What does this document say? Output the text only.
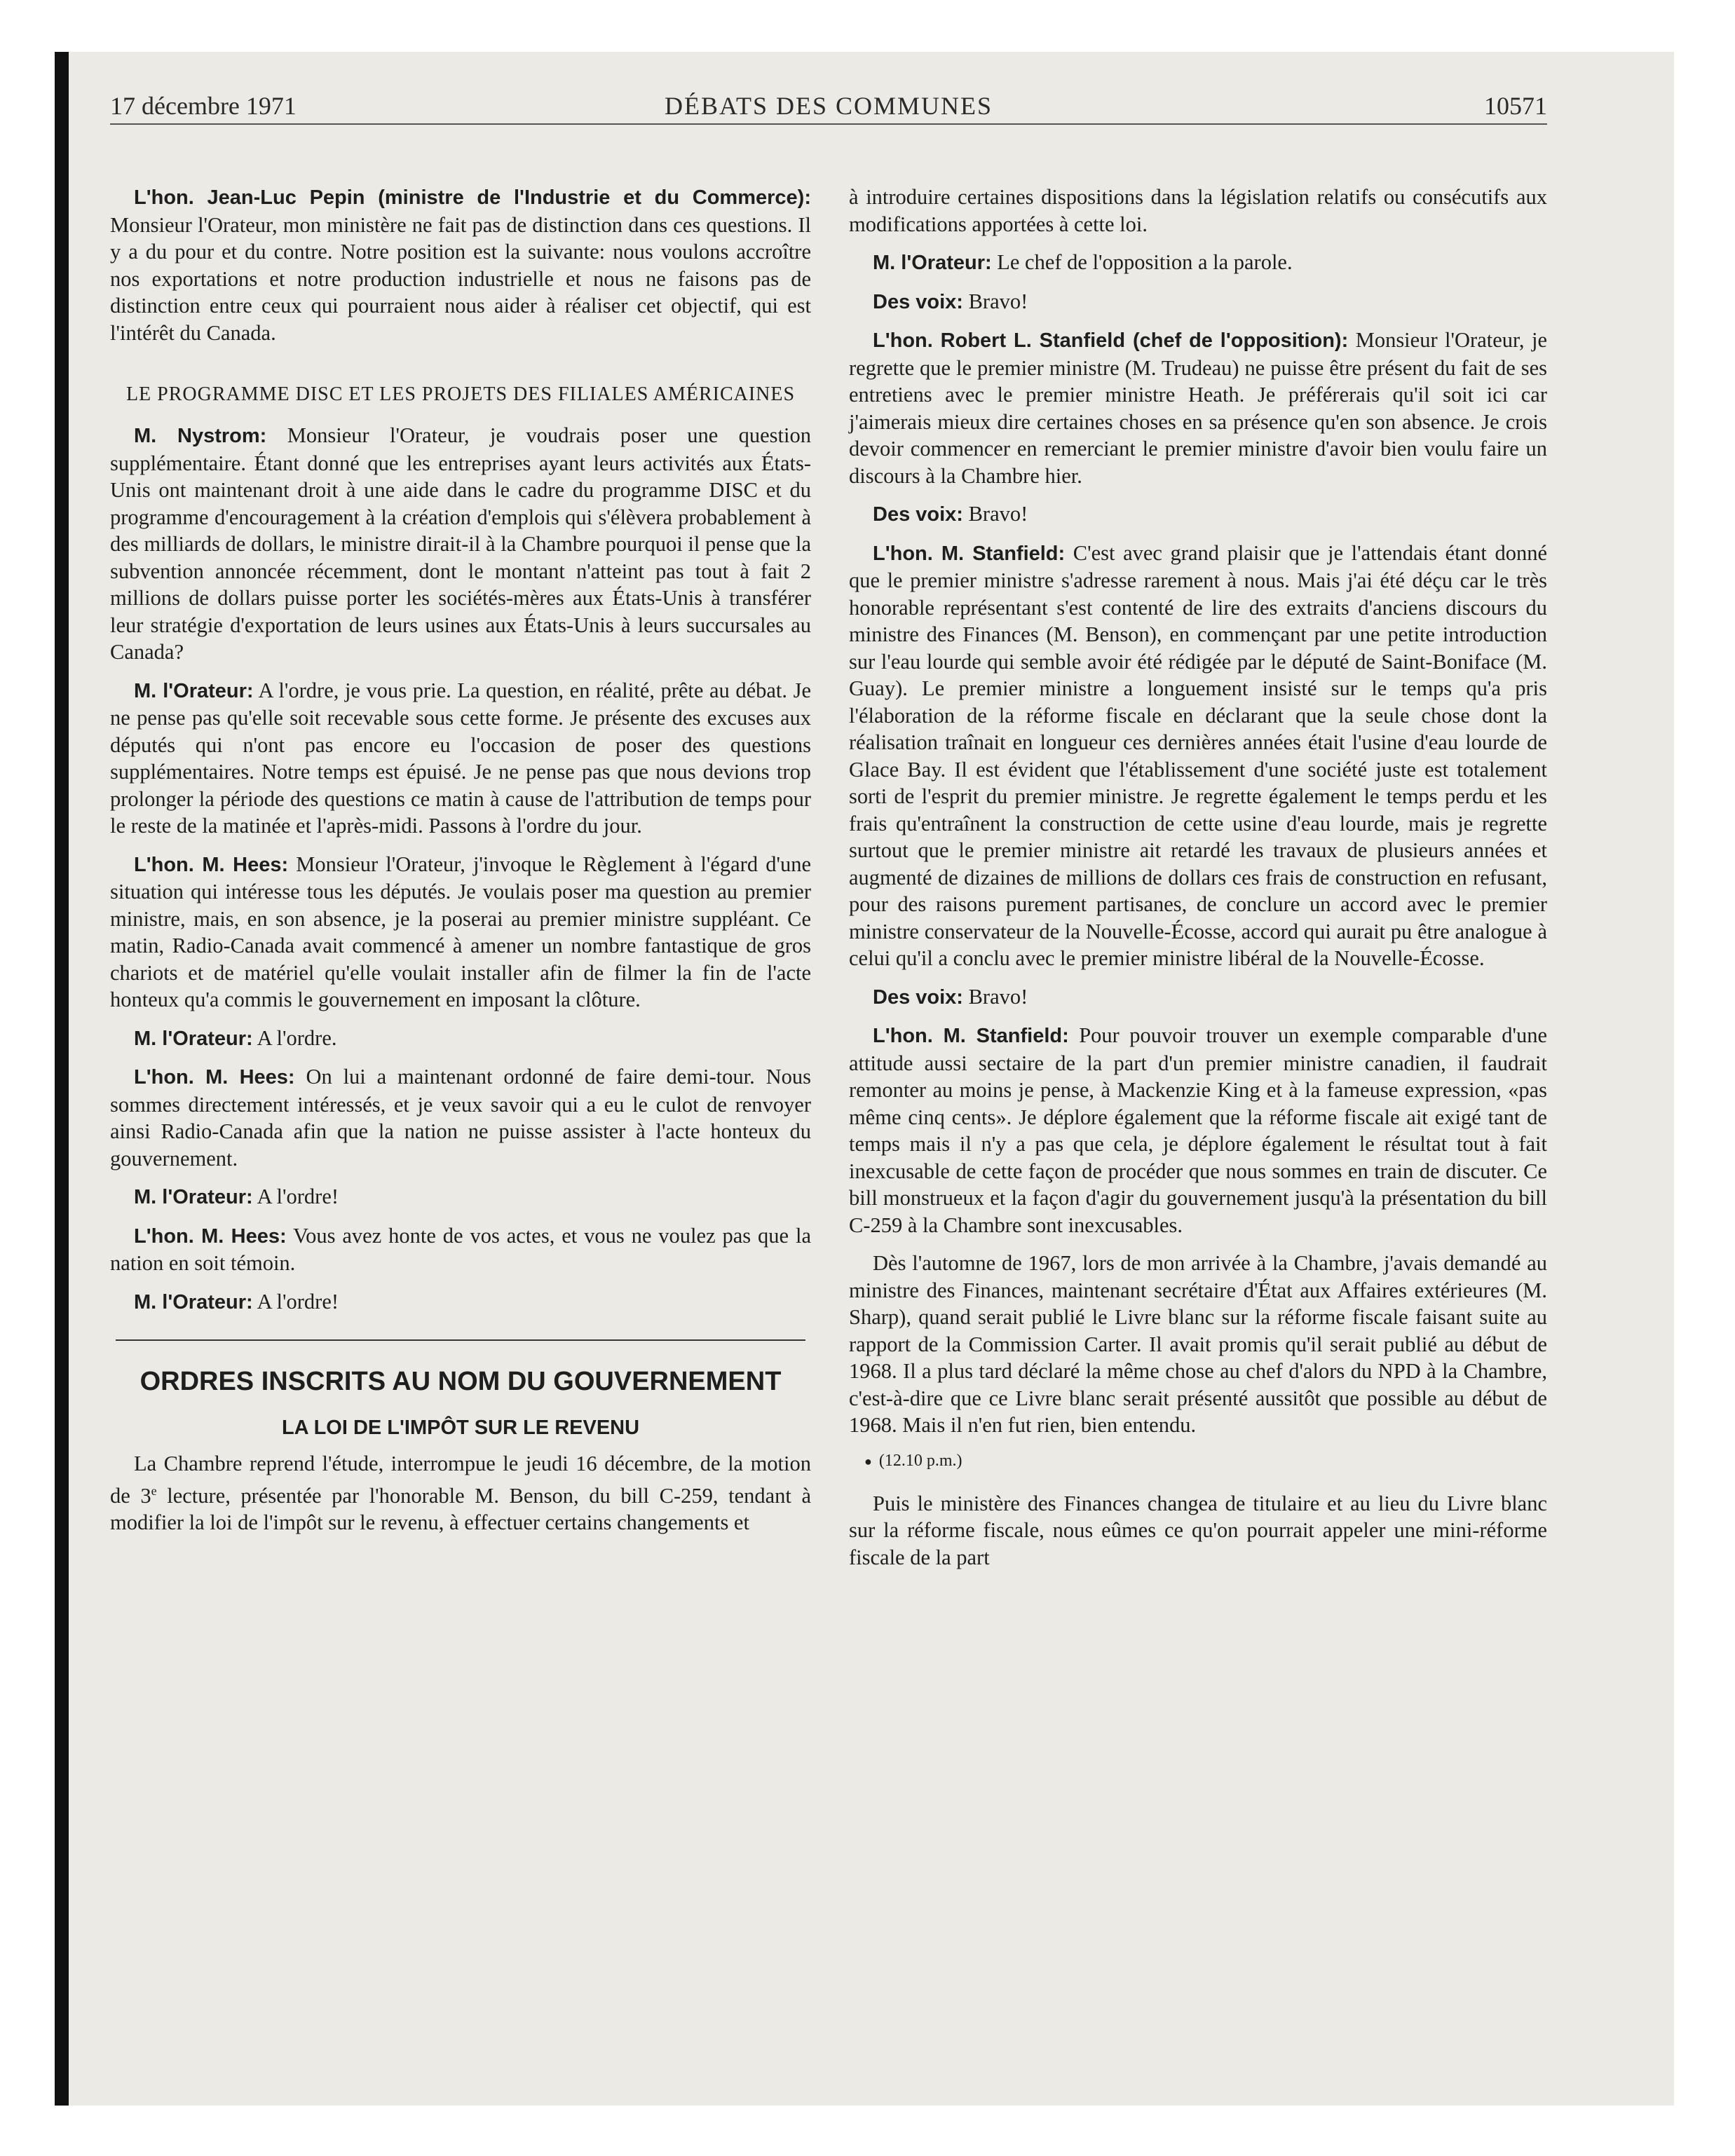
17 décembre 1971	DÉBATS DES COMMUNES	10571

L'hon. Jean-Luc Pepin (ministre de l'Industrie et du Commerce): Monsieur l'Orateur, mon ministère ne fait pas de distinction dans ces questions. Il y a du pour et du contre. Notre position est la suivante: nous voulons accroître nos exportations et notre production industrielle et nous ne faisons pas de distinction entre ceux qui pourraient nous aider à réaliser cet objectif, qui est l'intérêt du Canada.

LE PROGRAMME DISC ET LES PROJETS DES FILIALES AMÉRICAINES

M. Nystrom: Monsieur l'Orateur, je voudrais poser une question supplémentaire. Étant donné que les entreprises ayant leurs activités aux États-Unis ont maintenant droit à une aide dans le cadre du programme DISC et du programme d'encouragement à la création d'emplois qui s'élèvera probablement à des milliards de dollars, le ministre dirait-il à la Chambre pourquoi il pense que la subvention annoncée récemment, dont le montant n'atteint pas tout à fait 2 millions de dollars puisse porter les sociétés-mères aux États-Unis à transférer leur stratégie d'exportation de leurs usines aux États-Unis à leurs succursales au Canada?

M. l'Orateur: A l'ordre, je vous prie. La question, en réalité, prête au débat. Je ne pense pas qu'elle soit recevable sous cette forme. Je présente des excuses aux députés qui n'ont pas encore eu l'occasion de poser des questions supplémentaires. Notre temps est épuisé. Je ne pense pas que nous devions trop prolonger la période des questions ce matin à cause de l'attribution de temps pour le reste de la matinée et l'après-midi. Passons à l'ordre du jour.

L'hon. M. Hees: Monsieur l'Orateur, j'invoque le Règlement à l'égard d'une situation qui intéresse tous les députés. Je voulais poser ma question au premier ministre, mais, en son absence, je la poserai au premier ministre suppléant. Ce matin, Radio-Canada avait commencé à amener un nombre fantastique de gros chariots et de matériel qu'elle voulait installer afin de filmer la fin de l'acte honteux qu'a commis le gouvernement en imposant la clôture.

M. l'Orateur: A l'ordre.

L'hon. M. Hees: On lui a maintenant ordonné de faire demi-tour. Nous sommes directement intéressés, et je veux savoir qui a eu le culot de renvoyer ainsi Radio-Canada afin que la nation ne puisse assister à l'acte honteux du gouvernement.

M. l'Orateur: A l'ordre!

L'hon. M. Hees: Vous avez honte de vos actes, et vous ne voulez pas que la nation en soit témoin.

M. l'Orateur: A l'ordre!

ORDRES INSCRITS AU NOM DU GOUVERNEMENT
LA LOI DE L'IMPÔT SUR LE REVENU

La Chambre reprend l'étude, interrompue le jeudi 16 décembre, de la motion de 3e lecture, présentée par l'honorable M. Benson, du bill C-259, tendant à modifier la loi de l'impôt sur le revenu, à effectuer certains changements et

à introduire certaines dispositions dans la législation relatifs ou consécutifs aux modifications apportées à cette loi.

M. l'Orateur: Le chef de l'opposition a la parole.

Des voix: Bravo!

L'hon. Robert L. Stanfield (chef de l'opposition): Monsieur l'Orateur, je regrette que le premier ministre (M. Trudeau) ne puisse être présent du fait de ses entretiens avec le premier ministre Heath. Je préférerais qu'il soit ici car j'aimerais mieux dire certaines choses en sa présence qu'en son absence. Je crois devoir commencer en remerciant le premier ministre d'avoir bien voulu faire un discours à la Chambre hier.

Des voix: Bravo!

L'hon. M. Stanfield: C'est avec grand plaisir que je l'attendais étant donné que le premier ministre s'adresse rarement à nous. Mais j'ai été déçu car le très honorable représentant s'est contenté de lire des extraits d'anciens discours du ministre des Finances (M. Benson), en commençant par une petite introduction sur l'eau lourde qui semble avoir été rédigée par le député de Saint-Boniface (M. Guay). Le premier ministre a longuement insisté sur le temps qu'a pris l'élaboration de la réforme fiscale en déclarant que la seule chose dont la réalisation traînait en longueur ces dernières années était l'usine d'eau lourde de Glace Bay. Il est évident que l'établissement d'une société juste est totalement sorti de l'esprit du premier ministre. Je regrette également le temps perdu et les frais qu'entraînent la construction de cette usine d'eau lourde, mais je regrette surtout que le premier ministre ait retardé les travaux de plusieurs années et augmenté de dizaines de millions de dollars ces frais de construction en refusant, pour des raisons purement partisanes, de conclure un accord avec le premier ministre conservateur de la Nouvelle-Écosse, accord qui aurait pu être analogue à celui qu'il a conclu avec le premier ministre libéral de la Nouvelle-Écosse.

Des voix: Bravo!

L'hon. M. Stanfield: Pour pouvoir trouver un exemple comparable d'une attitude aussi sectaire de la part d'un premier ministre canadien, il faudrait remonter au moins je pense, à Mackenzie King et à la fameuse expression, «pas même cinq cents». Je déplore également que la réforme fiscale ait exigé tant de temps mais il n'y a pas que cela, je déplore également le résultat tout à fait inexcusable de cette façon de procéder que nous sommes en train de discuter. Ce bill monstrueux et la façon d'agir du gouvernement jusqu'à la présentation du bill C-259 à la Chambre sont inexcusables.

Dès l'automne de 1967, lors de mon arrivée à la Chambre, j'avais demandé au ministre des Finances, maintenant secrétaire d'État aux Affaires extérieures (M. Sharp), quand serait publié le Livre blanc sur la réforme fiscale faisant suite au rapport de la Commission Carter. Il avait promis qu'il serait publié au début de 1968. Il a plus tard déclaré la même chose au chef d'alors du NPD à la Chambre, c'est-à-dire que ce Livre blanc serait présenté aussitôt que possible au début de 1968. Mais il n'en fut rien, bien entendu.

● (12.10 p.m.)

Puis le ministère des Finances changea de titulaire et au lieu du Livre blanc sur la réforme fiscale, nous eûmes ce qu'on pourrait appeler une mini-réforme fiscale de la part
